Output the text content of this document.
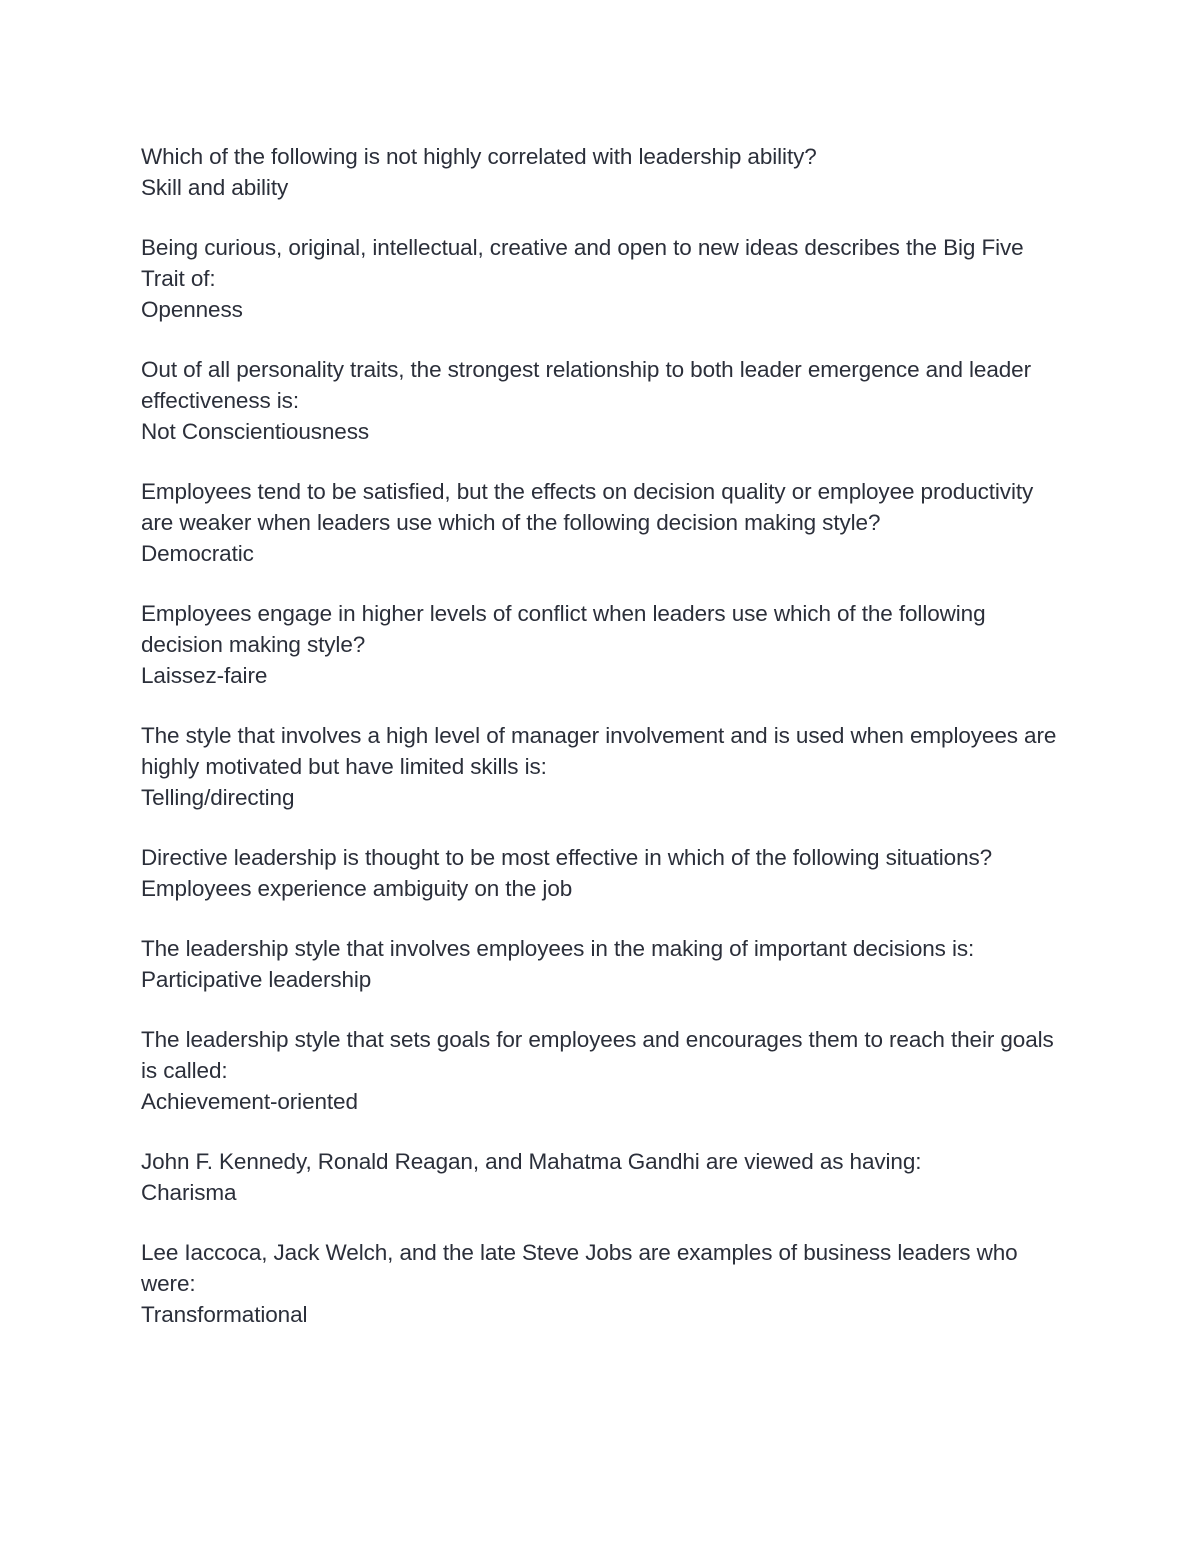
Which of the following is not highly correlated with leadership ability?
Skill and ability
Being curious, original, intellectual, creative and open to new ideas describes the Big Five Trait of:
Openness
Out of all personality traits, the strongest relationship to both leader emergence and leader effectiveness is:
Not Conscientiousness
Employees tend to be satisfied, but the effects on decision quality or employee productivity are weaker when leaders use which of the following decision making style?
Democratic
Employees engage in higher levels of conflict when leaders use which of the following decision making style?
Laissez-faire
The style that involves a high level of manager involvement and is used when employees are highly motivated but have limited skills is:
Telling/directing
Directive leadership is thought to be most effective in which of the following situations?
Employees experience ambiguity on the job
The leadership style that involves employees in the making of important decisions is:
Participative leadership
The leadership style that sets goals for employees and encourages them to reach their goals is called:
Achievement-oriented
John F. Kennedy, Ronald Reagan, and Mahatma Gandhi are viewed as having:
Charisma
Lee Iaccoca, Jack Welch, and the late Steve Jobs are examples of business leaders who were:
Transformational
